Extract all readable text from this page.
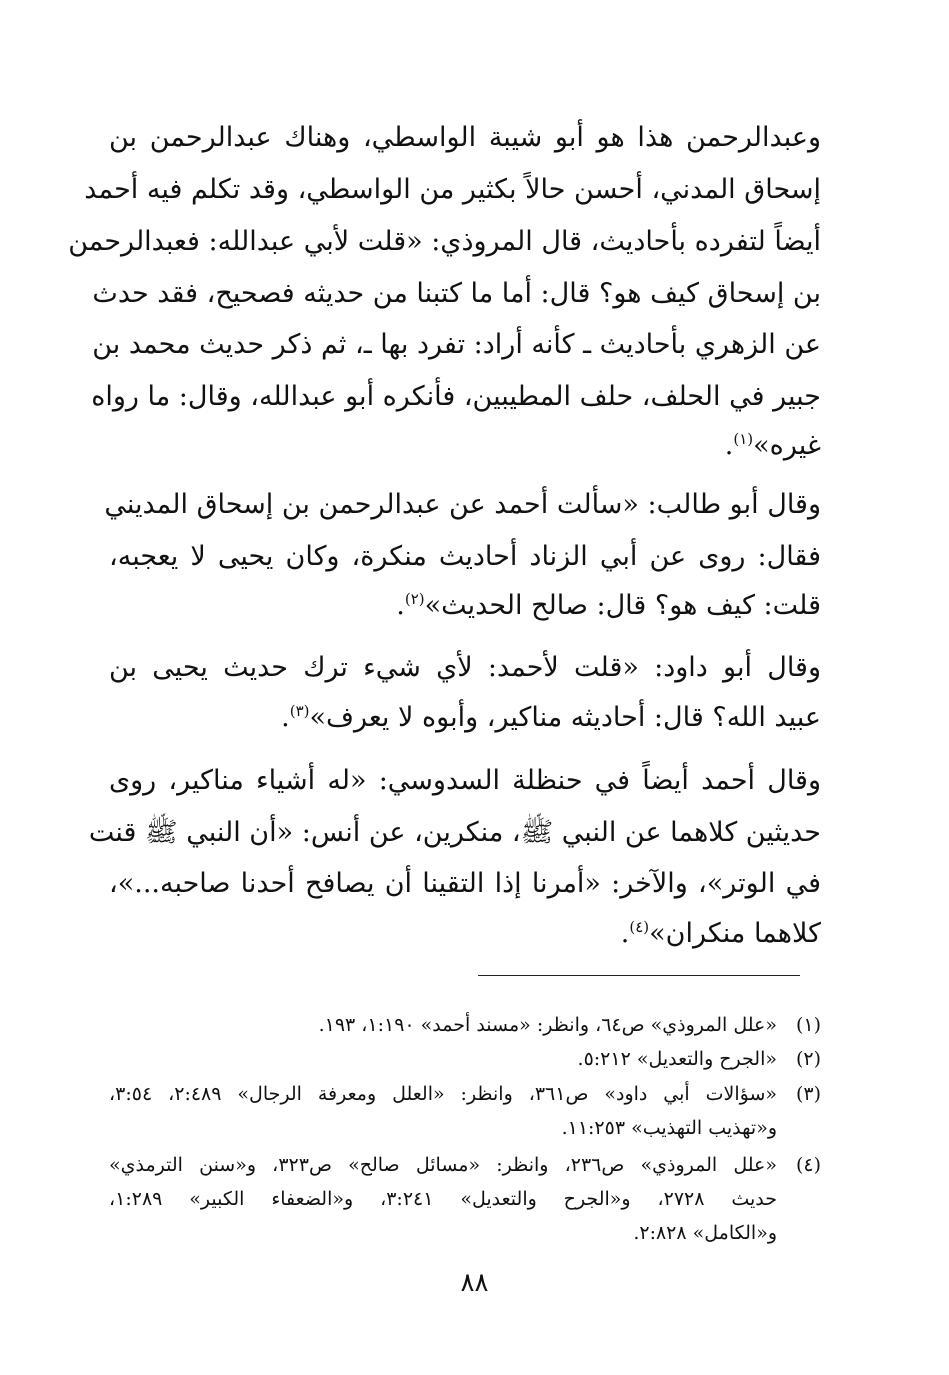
وعبدالرحمن هذا هو أبو شيبة الواسطي، وهناك عبدالرحمن بن
إسحاق المدني، أحسن حالاً بكثير من الواسطي، وقد تكلم فيه أحمد
أيضاً لتفرده بأحاديث، قال المروذي: «قلت لأبي عبدالله: فعبدالرحمن
بن إسحاق كيف هو؟ قال: أما ما كتبنا من حديثه فصحيح، فقد حدث
عن الزهري بأحاديث ـ كأنه أراد: تفرد بها ـ، ثم ذكر حديث محمد بن
جبير في الحلف، حلف المطيبين، فأنكره أبو عبدالله، وقال: ما رواه
غيره»$^{(١)}$.
وقال أبو طالب: «سألت أحمد عن عبدالرحمن بن إسحاق المديني
فقال: روى عن أبي الزناد أحاديث منكرة، وكان يحيى لا يعجبه،
قلت: كيف هو؟ قال: صالح الحديث»$^{(٢)}$.
وقال أبو داود: «قلت لأحمد: لأي شيء ترك حديث يحيى بن
عبيد الله؟ قال: أحاديثه مناكير، وأبوه لا يعرف»$^{(٣)}$.
وقال أحمد أيضاً في حنظلة السدوسي: «له أشياء مناكير، روى
حديثين كلاهما عن النبي ﷺ، منكرين، عن أنس: «أن النبي ﷺ قنت
في الوتر»، والآخر: «أمرنا إذا التقينا أن يصافح أحدنا صاحبه...»،
كلاهما منكران»$^{(٤)}$.
(١)
«علل المروذي» ص٦٤، وانظر: «مسند أحمد» ١:١٩٠، ١٩٣.
(٢)
«الجرح والتعديل» ٥:٢١٢.
(٣)
«سؤالات أبي داود» ص٣٦١، وانظر: «العلل ومعرفة الرجال» ٢:٤٨٩، ٣:٥٤،
و«تهذيب التهذيب» ١١:٢٥٣.
(٤)
«علل المروذي» ص٢٣٦، وانظر: «مسائل صالح» ص٣٢٣، و«سنن الترمذي»
حديث ٢٧٢٨، و«الجرح والتعديل» ٣:٢٤١، و«الضعفاء الكبير» ١:٢٨٩،
و«الكامل» ٢:٨٢٨.
٨٨
